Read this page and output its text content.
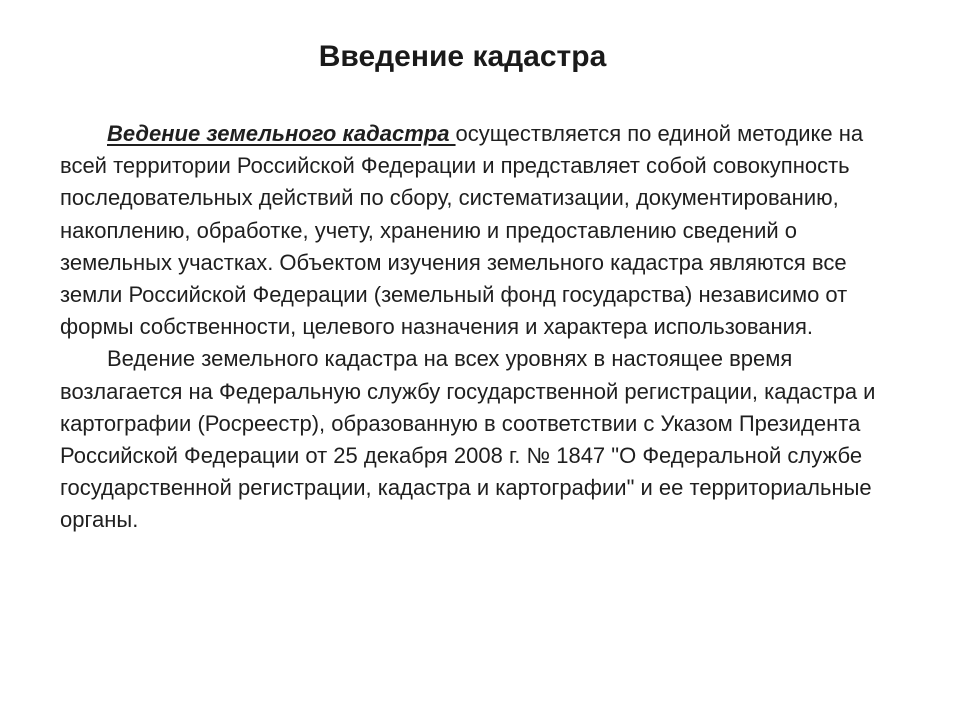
Введение кадастра

Ведение земельного кадастра осуществляется по единой методике на всей территории Российской Федерации и представляет собой совокупность последовательных действий по сбору, систематизации, документированию, накоплению, обработке, учету, хранению и предоставлению сведений о земельных участках. Объектом изучения земельного кадастра являются все земли Российской Федерации (земельный фонд государства) независимо от формы собственности, целевого назначения и характера использования.

Ведение земельного кадастра на всех уровнях в настоящее время возлагается на Федеральную службу государственной регистрации, кадастра и картографии (Росреестр), образованную в соответствии с Указом Президента Российской Федерации от 25 декабря 2008 г. № 1847 "О Федеральной службе государственной регистрации, кадастра и картографии" и ее территориальные органы.
